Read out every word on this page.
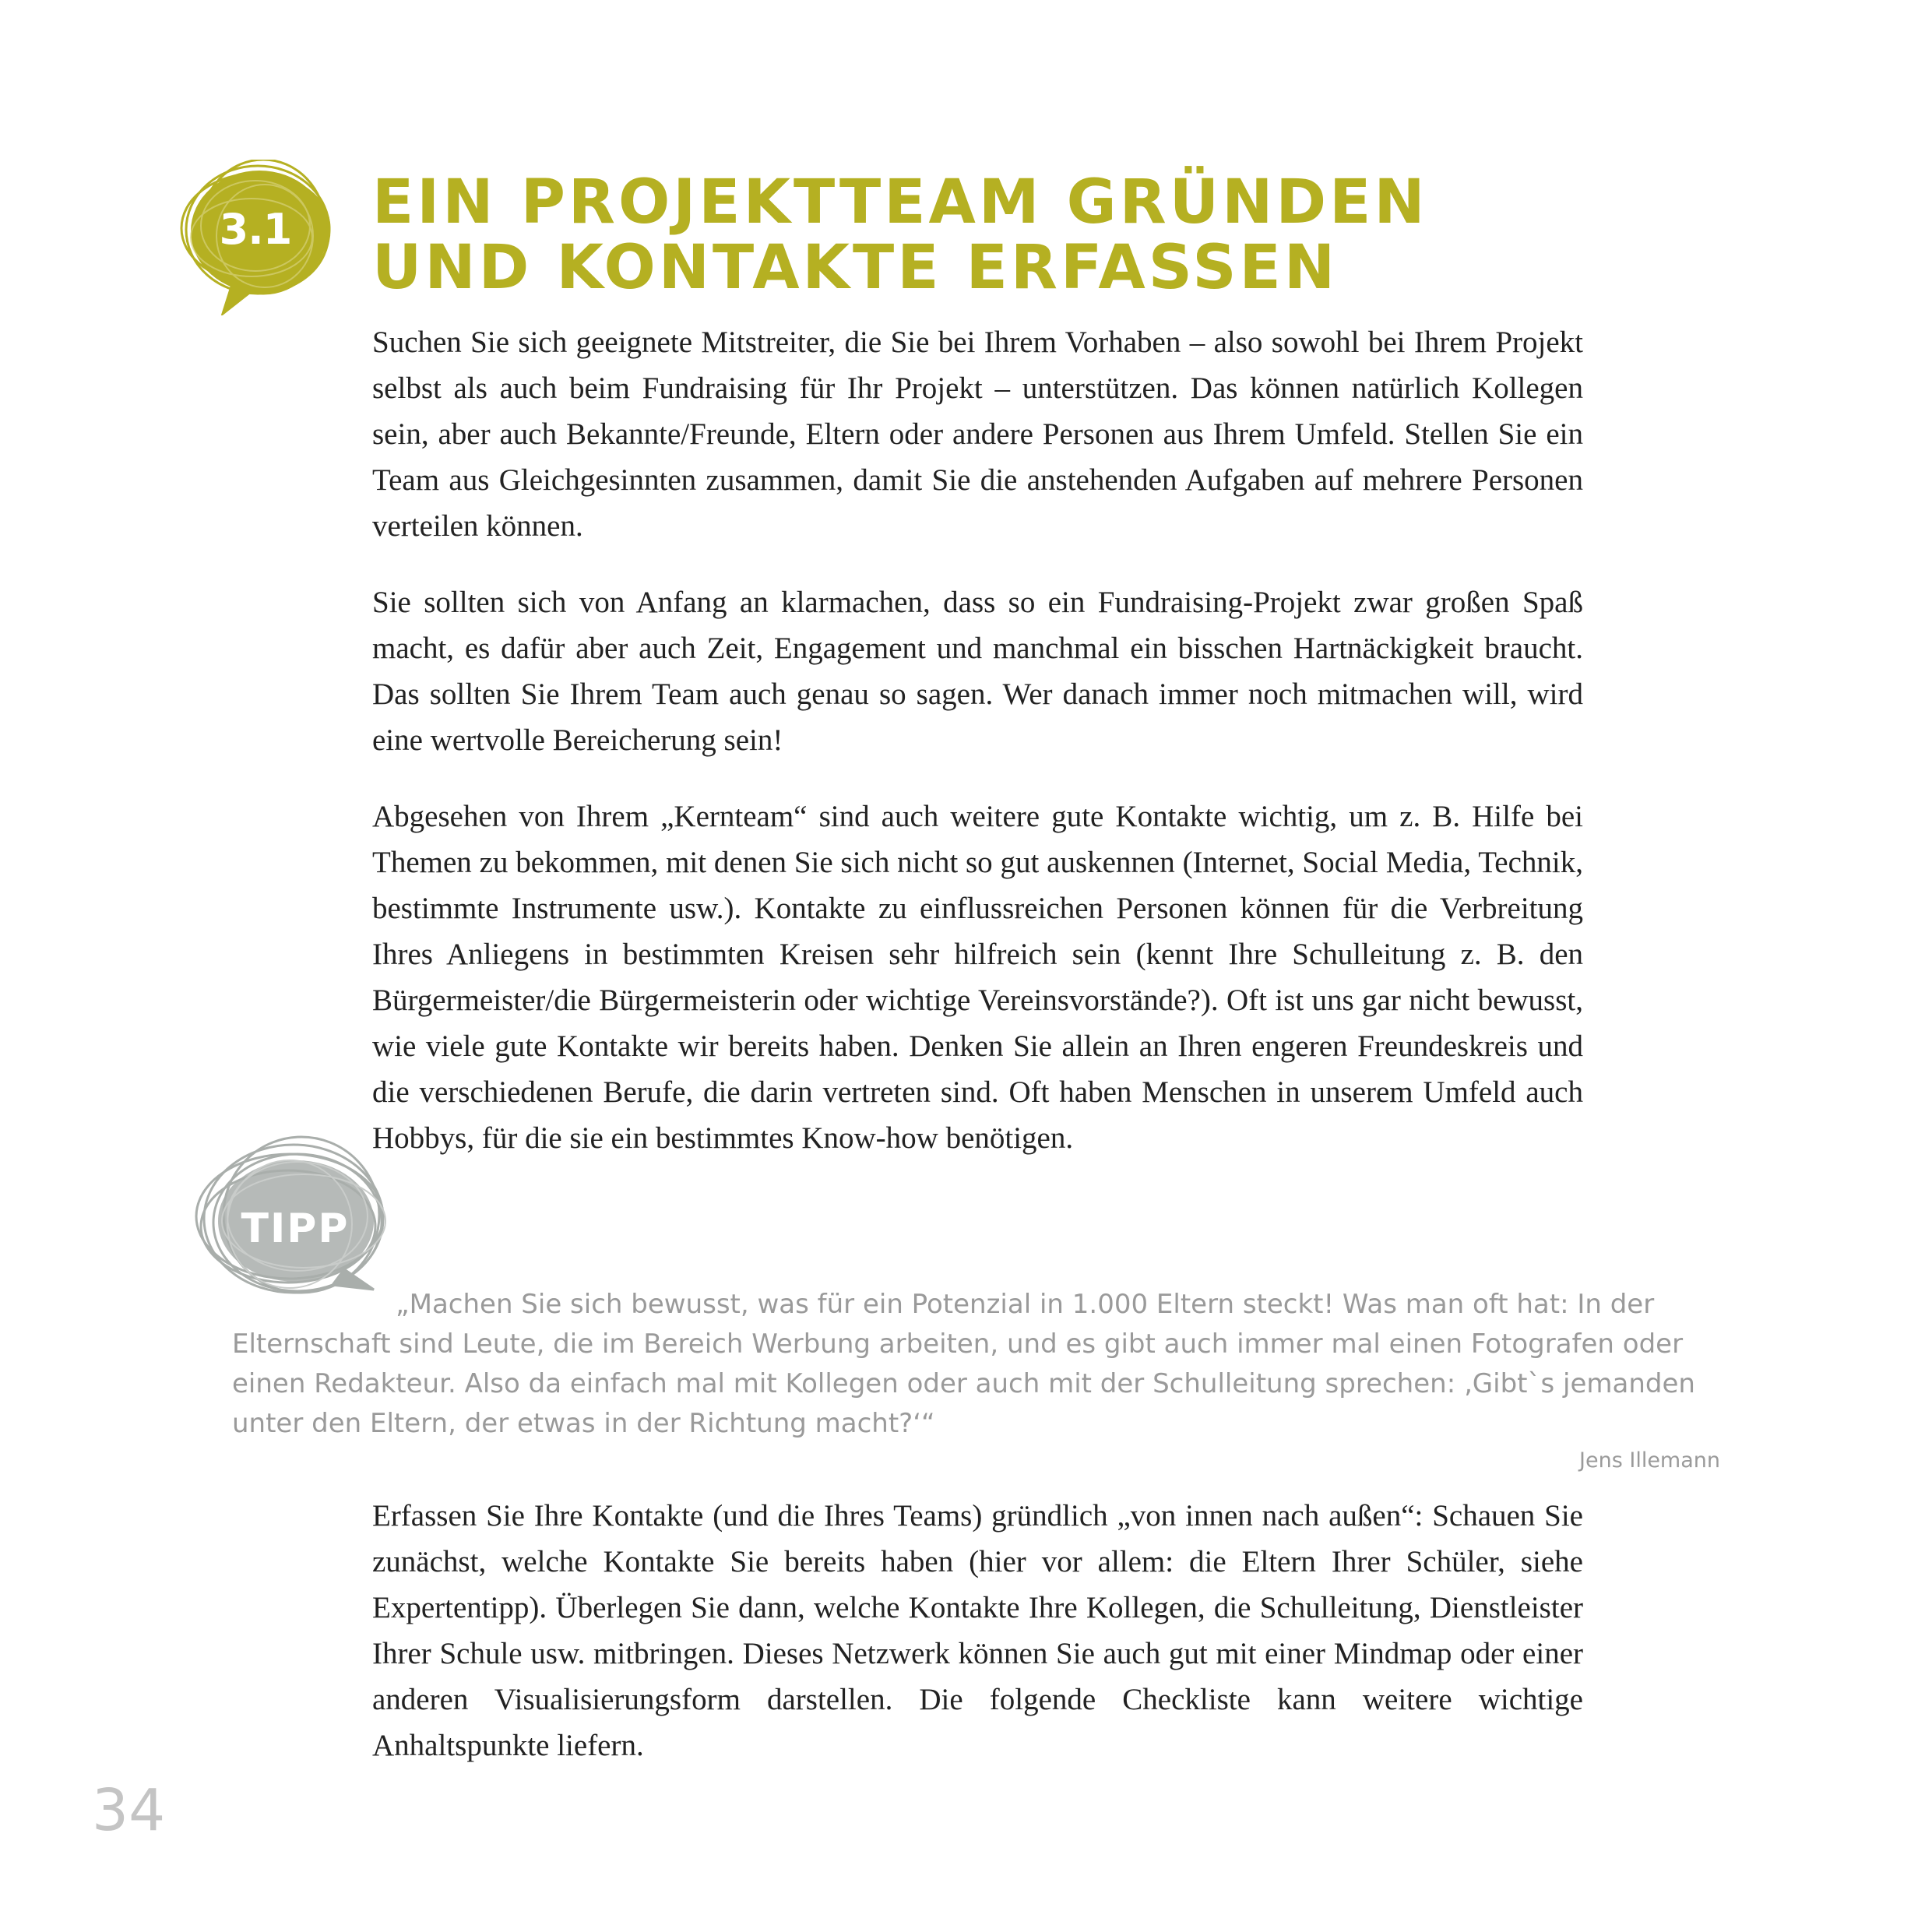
3.1 EIN PROJEKTTEAM GRÜNDEN
UND KONTAKTE ERFASSEN

Suchen Sie sich geeignete Mitstreiter, die Sie bei Ihrem Vorhaben – also sowohl bei Ihrem Projekt selbst als auch beim Fundraising für Ihr Projekt – unterstützen. Das können natürlich Kollegen sein, aber auch Bekannte/Freunde, Eltern oder andere Personen aus Ihrem Umfeld. Stellen Sie ein Team aus Gleichgesinnten zusammen, damit Sie die anstehenden Aufgaben auf mehrere Personen verteilen können.

Sie sollten sich von Anfang an klarmachen, dass so ein Fundraising-Projekt zwar großen Spaß macht, es dafür aber auch Zeit, Engagement und manchmal ein bisschen Hartnäckigkeit braucht. Das sollten Sie Ihrem Team auch genau so sagen. Wer danach immer noch mitmachen will, wird eine wertvolle Bereicherung sein!

Abgesehen von Ihrem „Kernteam“ sind auch weitere gute Kontakte wichtig, um z. B. Hilfe bei Themen zu bekommen, mit denen Sie sich nicht so gut auskennen (Internet, Social Media, Technik, bestimmte Instrumente usw.). Kontakte zu einflussreichen Personen können für die Verbreitung Ihres Anliegens in bestimmten Kreisen sehr hilfreich sein (kennt Ihre Schulleitung z. B. den Bürgermeister/die Bürgermeisterin oder wichtige Vereinsvorstände?). Oft ist uns gar nicht bewusst, wie viele gute Kontakte wir bereits haben. Denken Sie allein an Ihren engeren Freundeskreis und die verschiedenen Berufe, die darin vertreten sind. Oft haben Menschen in unserem Umfeld auch Hobbys, für die sie ein bestimmtes Know-how benötigen.

TIPP

„Machen Sie sich bewusst, was für ein Potenzial in 1.000 Eltern steckt! Was man oft hat: In der Elternschaft sind Leute, die im Bereich Werbung arbeiten, und es gibt auch immer mal einen Fotografen oder einen Redakteur. Also da einfach mal mit Kollegen oder auch mit der Schulleitung sprechen: ‚Gibt`s jemanden unter den Eltern, der etwas in der Richtung macht?‘“

Jens Illemann

Erfassen Sie Ihre Kontakte (und die Ihres Teams) gründlich „von innen nach außen“: Schauen Sie zunächst, welche Kontakte Sie bereits haben (hier vor allem: die Eltern Ihrer Schüler, siehe Expertentipp). Überlegen Sie dann, welche Kontakte Ihre Kollegen, die Schulleitung, Dienstleister Ihrer Schule usw. mitbringen. Dieses Netzwerk können Sie auch gut mit einer Mindmap oder einer anderen Visualisierungsform darstellen. Die folgende Checkliste kann weitere wichtige Anhaltspunkte liefern.

34
